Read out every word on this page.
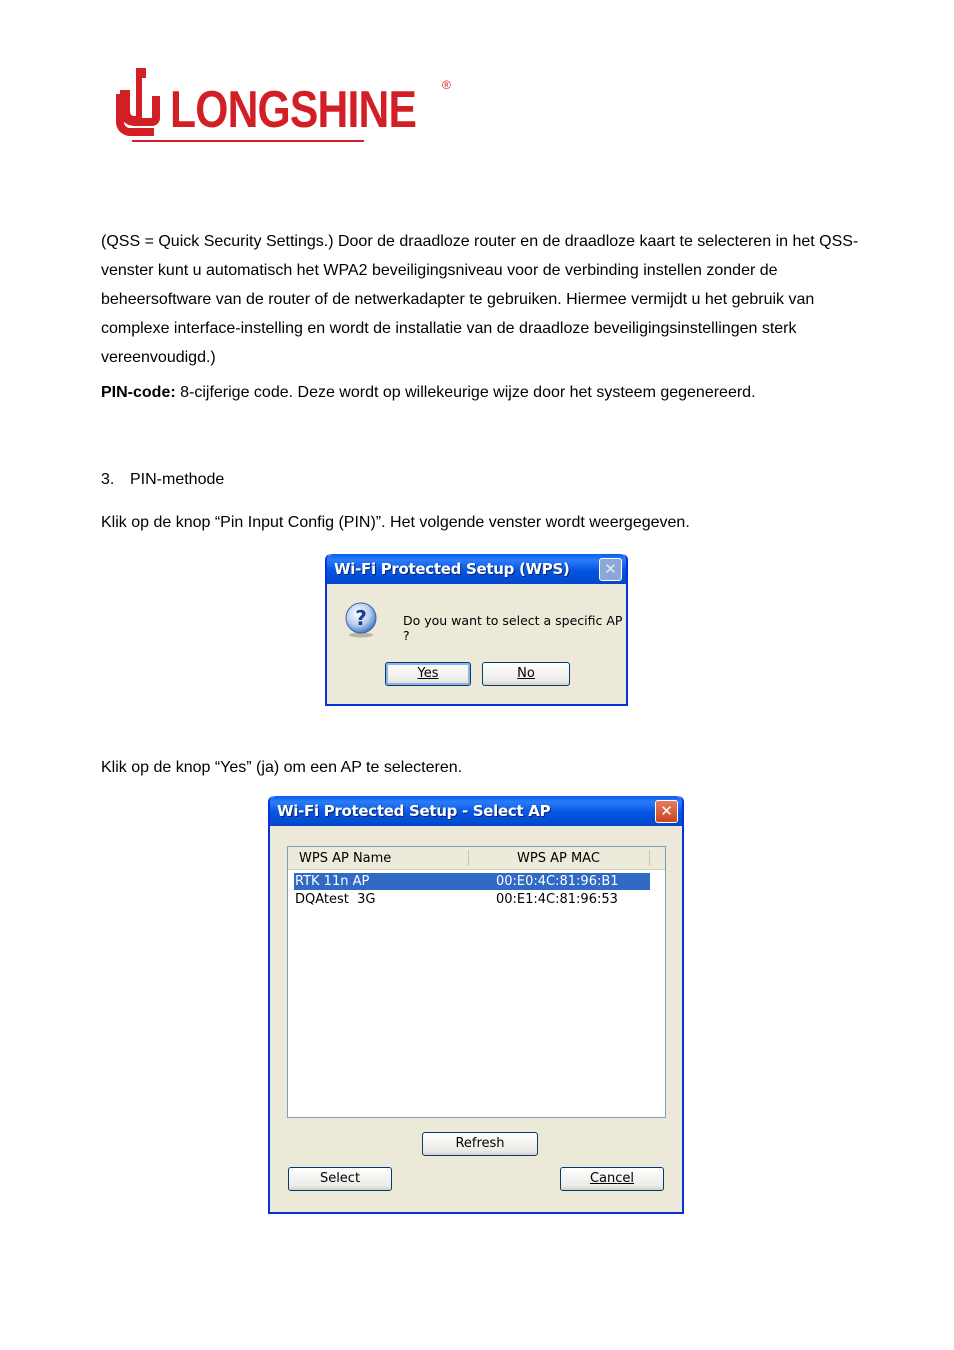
LONGSHINE ®

(QSS = Quick Security Settings.) Door de draadloze router en de draadloze kaart te selecteren in het QSS-venster kunt u automatisch het WPA2 beveiligingsniveau voor de verbinding instellen zonder de beheersoftware van de router of de netwerkadapter te gebruiken. Hiermee vermijdt u het gebruik van complexe interface-instelling en wordt de installatie van de draadloze beveiligingsinstellingen sterk vereenvoudigd.)

PIN-code: 8-cijferige code. Deze wordt op willekeurige wijze door het systeem gegenereerd.

3. PIN-methode

Klik op de knop “Pin Input Config (PIN)”. Het volgende venster wordt weergegeven.

Wi-Fi Protected Setup (WPS)	✕
?	Do you want to select a specific AP ?
Yes	No

Klik op de knop “Yes” (ja) om een AP te selecteren.

Wi-Fi Protected Setup - Select AP	✕
WPS AP Name	WPS AP MAC
RTK 11n AP	00:E0:4C:81:96:B1
DQAtest  3G	00:E1:4C:81:96:53
Refresh
Select	Cancel
